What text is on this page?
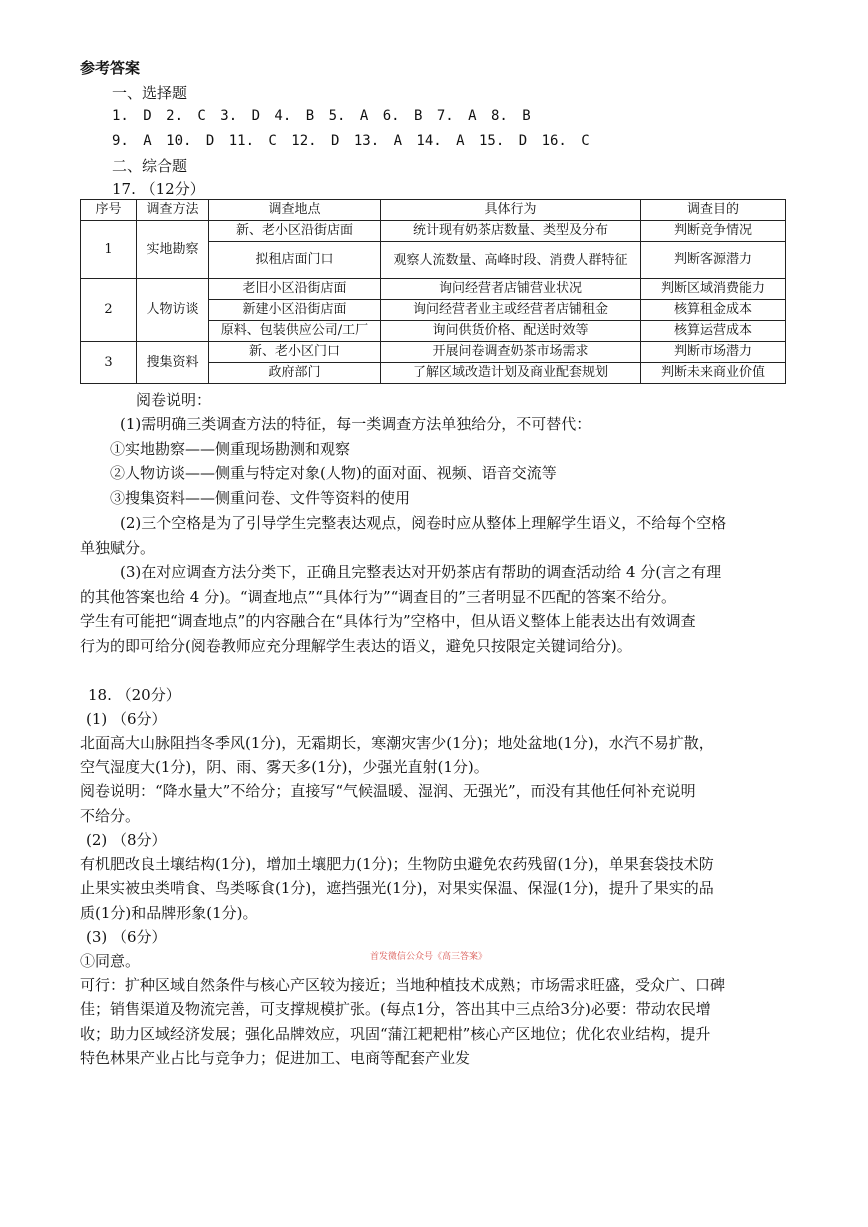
参考答案
一、选择题
1. D 2. C 3. D 4. B 5. A 6. B 7. A 8. B
9. A 10. D 11. C 12. D 13. A 14. A 15. D 16. C
二、综合题
17. （12分）
序号	调查方法	调查地点	具体行为	调查目的
1	实地勘察	新、老小区沿街店面	统计现有奶茶店数量、类型及分布	判断竞争情况
		拟租店面门口	观察人流数量、高峰时段、消费人群特征	判断客源潜力
2	人物访谈	老旧小区沿街店面	询问经营者店铺营业状况	判断区域消费能力
		新建小区沿街店面	询问经营者业主或经营者店铺租金	核算租金成本
		原料、包装供应公司/工厂	询问供货价格、配送时效等	核算运营成本
3	搜集资料	新、老小区门口	开展问卷调查奶茶市场需求	判断市场潜力
		政府部门	了解区域改造计划及商业配套规划	判断未来商业价值
阅卷说明：
(1)需明确三类调查方法的特征，每一类调查方法单独给分，不可替代：
①实地勘察——侧重现场勘测和观察
②人物访谈——侧重与特定对象(人物)的面对面、视频、语音交流等
③搜集资料——侧重问卷、文件等资料的使用
(2)三个空格是为了引导学生完整表达观点，阅卷时应从整体上理解学生语义，不给每个空格
单独赋分。
(3)在对应调查方法分类下，正确且完整表达对开奶茶店有帮助的调查活动给 4 分(言之有理
的其他答案也给 4 分)。“调查地点”“具体行为”“调查目的”三者明显不匹配的答案不给分。
学生有可能把“调查地点”的内容融合在“具体行为”空格中，但从语义整体上能表达出有效调查
行为的即可给分(阅卷教师应充分理解学生表达的语义，避免只按限定关键词给分)。
18. （20分）
(1) （6分）
北面高大山脉阻挡冬季风(1分)，无霜期长，寒潮灾害少(1分)；地处盆地(1分)，水汽不易扩散，
空气湿度大(1分)，阴、雨、雾天多(1分)，少强光直射(1分)。
阅卷说明：“降水量大”不给分；直接写“气候温暖、湿润、无强光”，而没有其他任何补充说明
不给分。
(2) （8分）
有机肥改良土壤结构(1分)，增加土壤肥力(1分)；生物防虫避免农药残留(1分)，单果套袋技术防
止果实被虫类啃食、鸟类啄食(1分)，遮挡强光(1分)，对果实保温、保湿(1分)，提升了果实的品
质(1分)和品牌形象(1分)。
(3) （6分）
首发微信公众号《高三答案》
①同意。
可行：扩种区域自然条件与核心产区较为接近；当地种植技术成熟；市场需求旺盛，受众广、口碑
佳；销售渠道及物流完善，可支撑规模扩张。(每点1分，答出其中三点给3分)必要：带动农民增
收；助力区域经济发展；强化品牌效应，巩固“蒲江耙耙柑”核心产区地位；优化农业结构，提升
特色林果产业占比与竞争力；促进加工、电商等配套产业发
